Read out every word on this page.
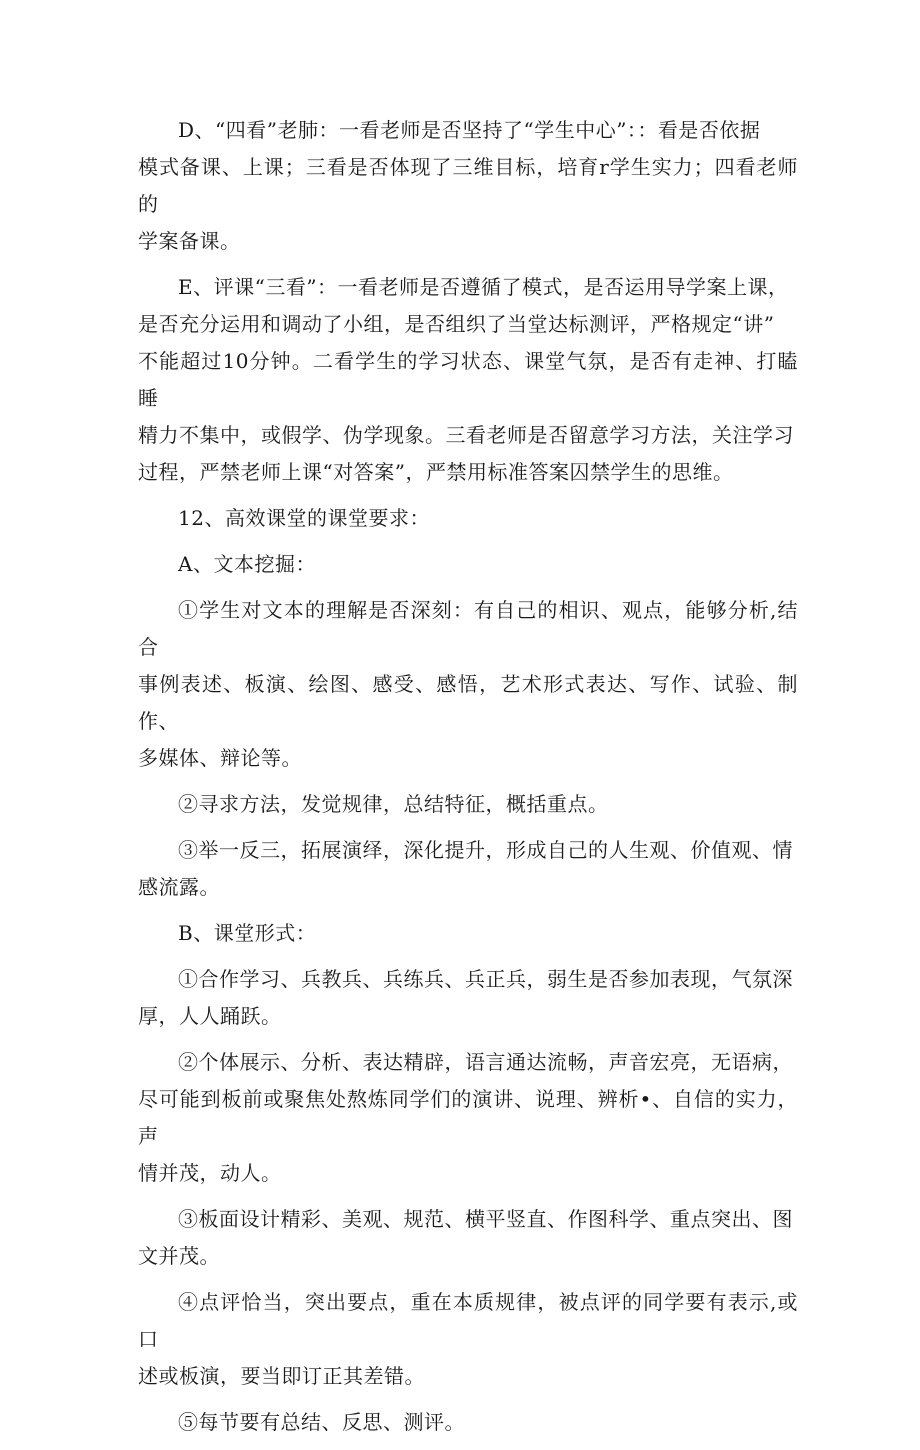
D、“四看”老肺：一看老师是否坚持了“学生中心”：：看是否依据
模式备课、上课；三看是否体现了三维目标，培育r学生实力；四看老师的
学案备课。

E、评课“三看”：一看老师是否遵循了模式，是否运用导学案上课，
是否充分运用和调动了小组，是否组织了当堂达标测评，严格规定“讲”
不能超过10分钟。二看学生的学习状态、课堂气氛，是否有走神、打瞌睡
精力不集中，或假学、伪学现象。三看老师是否留意学习方法，关注学习
过程，严禁老师上课“对答案”，严禁用标准答案囚禁学生的思维。

12、高效课堂的课堂要求：

A、文本挖掘：

①学生对文本的理解是否深刻：有自己的相识、观点，能够分析,结合
事例表述、板演、绘图、感受、感悟，艺术形式表达、写作、试验、制作、
多媒体、辩论等。

②寻求方法，发觉规律，总结特征，概括重点。

③举一反三，拓展演绎，深化提升，形成自己的人生观、价值观、情
感流露。

B、课堂形式：

①合作学习、兵教兵、兵练兵、兵正兵，弱生是否参加表现，气氛深
厚，人人踊跃。

②个体展示、分析、表达精辟，语言通达流畅，声音宏亮，无语病，
尽可能到板前或聚焦处熬炼同学们的演讲、说理、辨析•、自信的实力，声
情并茂，动人。

③板面设计精彩、美观、规范、横平竖直、作图科学、重点突出、图
文并茂。

④点评恰当，突出要点，重在本质规律，被点评的同学要有表示,或口
述或板演，要当即订正其差错。

⑤每节要有总结、反思、测评。
